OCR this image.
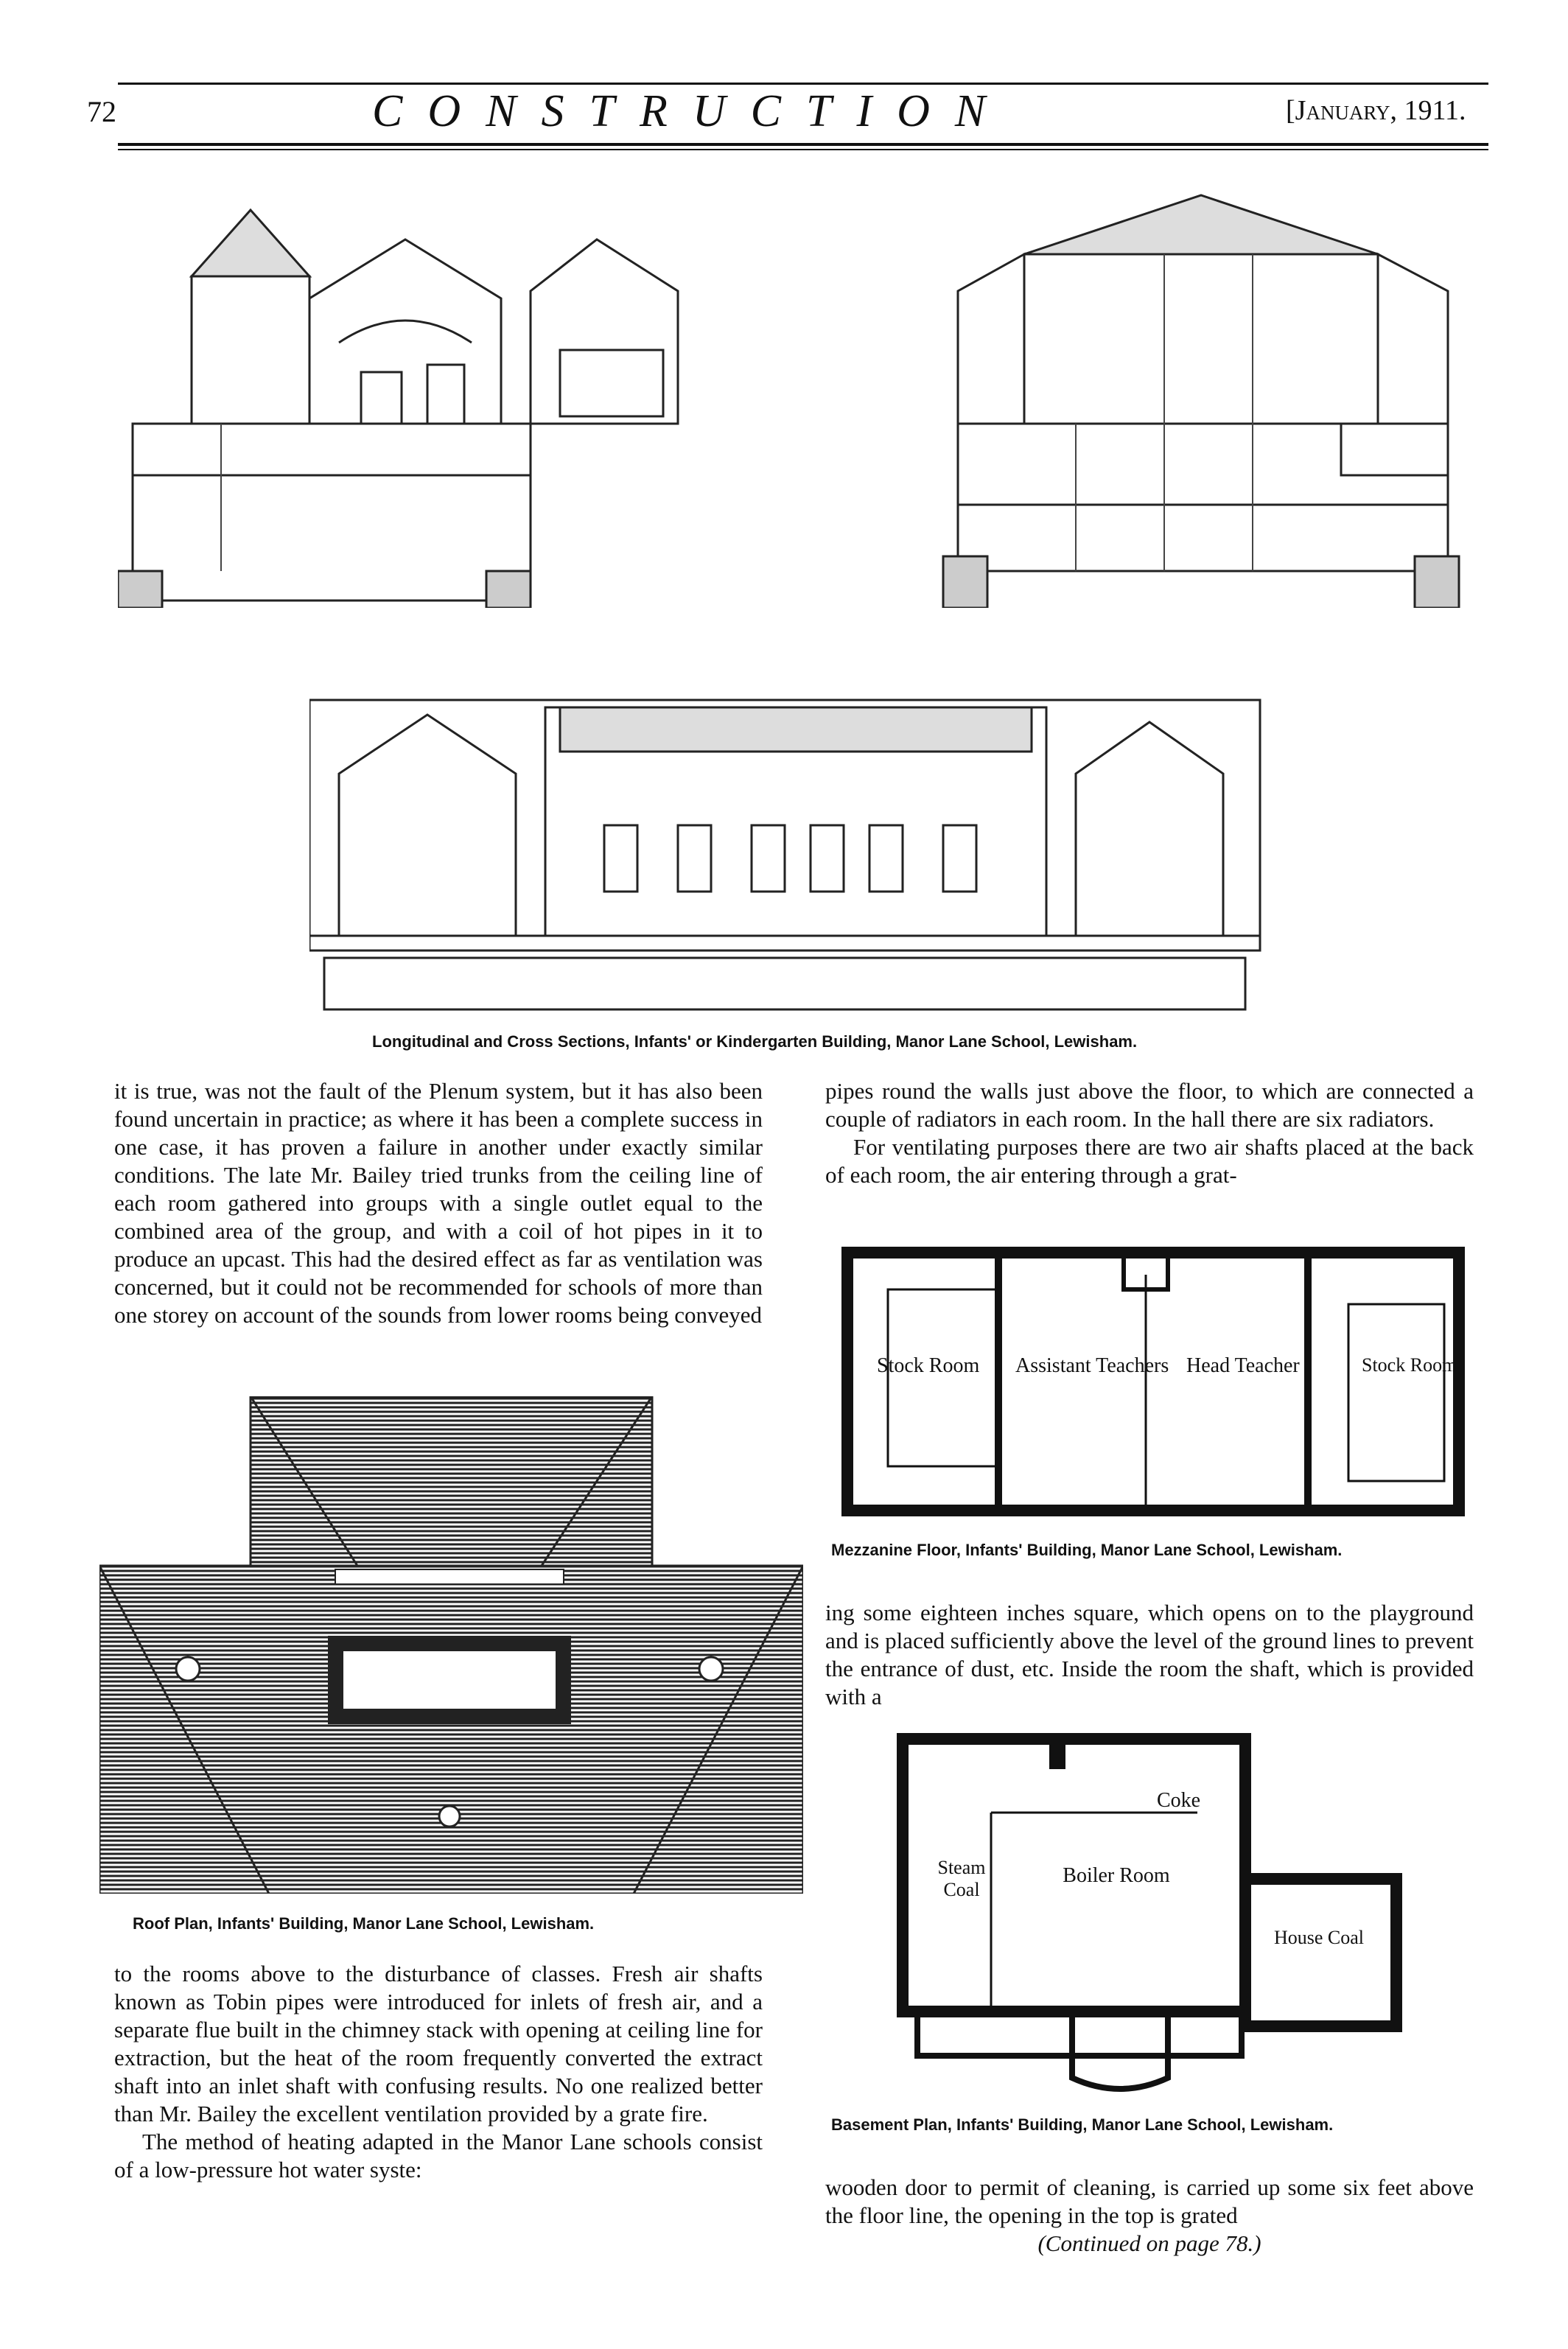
72	CONSTRUCTION	[January, 1911.
Longitudinal and Cross Sections, Infants' or Kindergarten Building, Manor Lane School, Lewisham.

it is true, was not the fault of the Plenum system, but it has also been found uncertain in practice; as where it has been a complete success in one case, it has proven a failure in another under exactly similar conditions. The late Mr. Bailey tried trunks from the ceiling line of each room gathered into groups with a single outlet equal to the combined area of the group, and with a coil of hot pipes in it to produce an upcast. This had the desired effect as far as ventilation was concerned, but it could not be recommended for schools of more than one storey on account of the sounds from lower rooms being conveyed

Roof Plan, Infants' Building, Manor Lane School, Lewisham.

to the rooms above to the disturbance of classes. Fresh air shafts known as Tobin pipes were introduced for inlets of fresh air, and a separate flue built in the chimney stack with opening at ceiling line for extraction, but the heat of the room frequently converted the extract shaft into an inlet shaft with confusing results. No one realized better than Mr. Bailey the excellent ventilation provided by a grate fire.

The method of heating adapted in the Manor Lane schools consist of a low-pressure hot water syste:

pipes round the walls just above the floor, to which are connected a couple of radiators in each room. In the hall there are six radiators.

For ventilating purposes there are two air shafts placed at the back of each room, the air entering through a grat-

Stock Room Assistant Teachers Head Teacher	Stock Room
Mezzanine Floor, Infants' Building, Manor Lane School, Lewisham.

ing some eighteen inches square, which opens on to the playground and is placed sufficiently above the level of the ground lines to prevent the entrance of dust, etc. Inside the room the shaft, which is provided with a

Coke
Steam Coal
Boiler Room
House Coal
Basement Plan, Infants' Building, Manor Lane School, Lewisham.

wooden door to permit of cleaning, is carried up some six feet above the floor line, the opening in the top is grated

(Continued on page 78.)
